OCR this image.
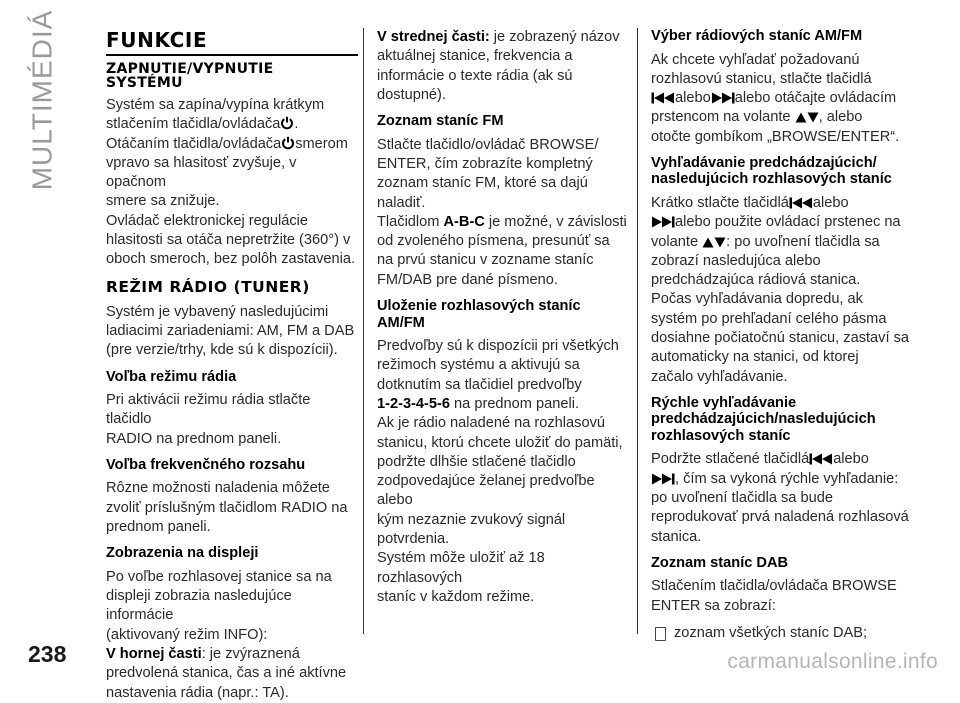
MULTIMÉDIÁ FUNKCIE
ZAPNUTIE/VYPNUTIE
SYSTÉMU

Systém sa zapína/vypína krátkym
stlačením tlačidla/ovládača .
Otáčaním tlačidla/ovládača smerom
vpravo sa hlasitosť zvyšuje, v opačnom
smere sa znižuje.
Ovládač elektronickej regulácie
hlasitosti sa otáča nepretržite (360°) v
oboch smeroch, bez polôh zastavenia.

REŽIM RÁDIO (TUNER)

Systém je vybavený nasledujúcimi
ladiacimi zariadeniami: AM, FM a DAB
(pre verzie/trhy, kde sú k dispozícii).

Voľba režimu rádia

Pri aktivácii režimu rádia stlačte tlačidlo
RADIO na prednom paneli.

Voľba frekvenčného rozsahu

Rôzne možnosti naladenia môžete
zvoliť príslušným tlačidlom RADIO na
prednom paneli.

Zobrazenia na displeji

Po voľbe rozhlasovej stanice sa na
displeji zobrazia nasledujúce informácie
(aktivovaný režim INFO):
V hornej časti: je zvýraznená
predvolená stanica, čas a iné aktívne
nastavenia rádia (napr.: TA).

V strednej časti: je zobrazený názov
aktuálnej stanice, frekvencia a
informácie o texte rádia (ak sú
dostupné).

Zoznam staníc FM

Stlačte tlačidlo/ovládač BROWSE/
ENTER, čím zobrazíte kompletný
zoznam staníc FM, ktoré sa dajú
naladiť.
Tlačidlom A-B-C je možné, v závislosti
od zvoleného písmena, presunúť sa
na prvú stanicu v zozname staníc
FM/DAB pre dané písmeno.

Uloženie rozhlasových staníc
AM/FM

Predvoľby sú k dispozícii pri všetkých
režimoch systému a aktivujú sa
dotknutím sa tlačidiel predvoľby
1-2-3-4-5-6 na prednom paneli.
Ak je rádio naladené na rozhlasovú
stanicu, ktorú chcete uložiť do pamäti,
podržte dlhšie stlačené tlačidlo
zodpovedajúce želanej predvoľbe alebo
kým nezaznie zvukový signál
potvrdenia.
Systém môže uložiť až 18 rozhlasových
staníc v každom režime.

Výber rádiových staníc AM/FM

Ak chcete vyhľadať požadovanú
rozhlasovú stanicu, stlačte tlačidlá

alebo alebo otáčajte ovládacím
prstencom na volante , alebo
otočte gombíkom „BROWSE/ENTER“.

Vyhľadávanie predchádzajúcich/
nasledujúcich rozhlasových staníc

Krátko stlačte tlačidlá alebo

alebo použite ovládací prstenec na
volante : po uvoľnení tlačidla sa
zobrazí nasledujúca alebo
predchádzajúca rádiová stanica.
Počas vyhľadávania dopredu, ak
systém po prehľadaní celého pásma
dosiahne počiatočnú stanicu, zastaví sa
automaticky na stanici, od ktorej
začalo vyhľadávanie.

Rýchle vyhľadávanie
predchádzajúcich/nasledujúcich
rozhlasových staníc

Podržte stlačené tlačidlá alebo

, čím sa vykoná rýchle vyhľadanie:
po uvoľnení tlačidla sa bude
reprodukovať prvá naladená rozhlasová
stanica.

Zoznam staníc DAB

Stlačením tlačidla/ovládača BROWSE
ENTER sa zobrazí:

zoznam všetkých staníc DAB;
238	carmanualsonline.info
